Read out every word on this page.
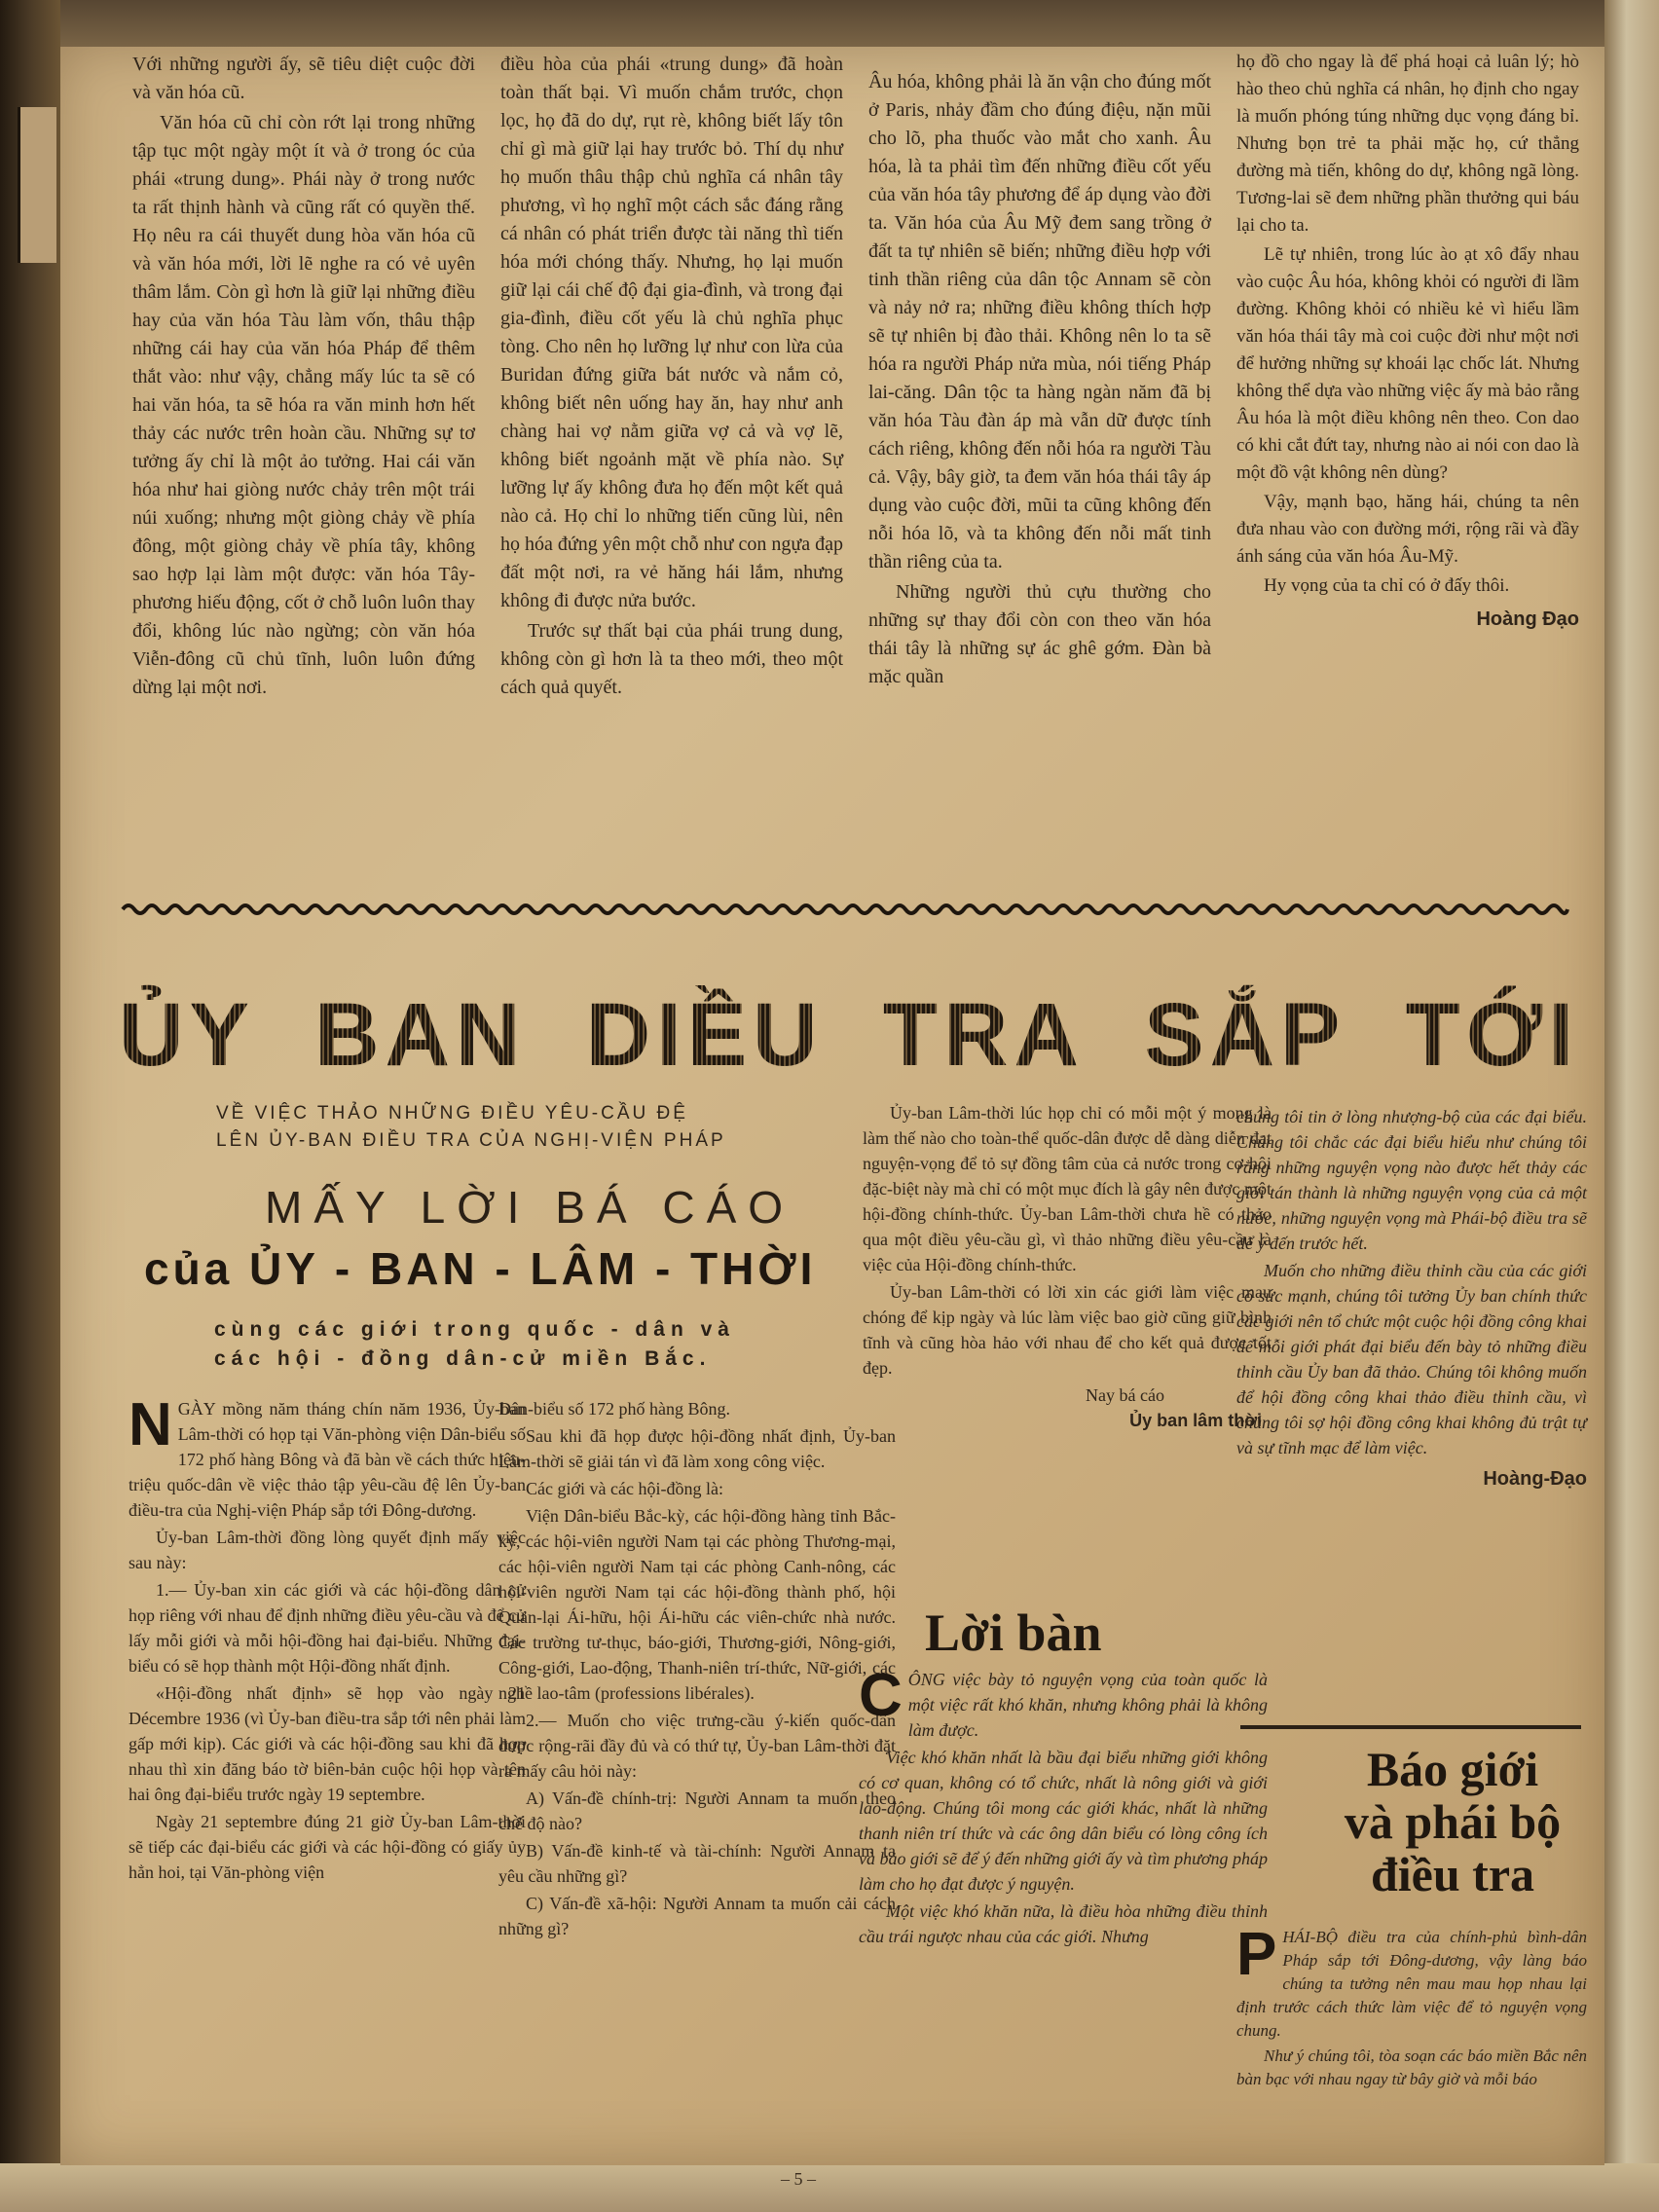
Với những người ấy, sẽ tiêu diệt cuộc đời và văn hóa cũ.

Văn hóa cũ chỉ còn rớt lại trong những tập tục một ngày một ít và ở trong óc của phái «trung dung». Phái này ở trong nước ta rất thịnh hành và cũng rất có quyền thế. Họ nêu ra cái thuyết dung hòa văn hóa cũ và văn hóa mới, lời lẽ nghe ra có vẻ uyên thâm lắm. Còn gì hơn là giữ lại những điều hay của văn hóa Tàu làm vốn, thâu thập những cái hay của văn hóa Pháp để thêm thắt vào: như vậy, chẳng mấy lúc ta sẽ có hai văn hóa, ta sẽ hóa ra văn minh hơn hết thảy các nước trên hoàn cầu. Những sự tơ tưởng ấy chỉ là một ảo tưởng. Hai cái văn hóa như hai giòng nước chảy trên một trái núi xuống; nhưng một giòng chảy về phía đông, một giòng chảy về phía tây, không sao hợp lại làm một được: văn hóa Tây-phương hiếu động, cốt ở chỗ luôn luôn thay đổi, không lúc nào ngừng; còn văn hóa Viễn-đông cũ chủ tĩnh, luôn luôn đứng dừng lại một nơi.

điều hòa của phái «trung dung» đã hoàn toàn thất bại. Vì muốn chắm trước, chọn lọc, họ đã do dự, rụt rè, không biết lấy tôn chỉ gì mà giữ lại hay trước bỏ. Thí dụ như họ muốn thâu thập chủ nghĩa cá nhân tây phương, vì họ nghĩ một cách sắc đáng rằng cá nhân có phát triển được tài năng thì tiến hóa mới chóng thấy. Nhưng, họ lại muốn giữ lại cái chế độ đại gia-đình, và trong đại gia-đình, điều cốt yếu là chủ nghĩa phục tòng. Cho nên họ lưỡng lự như con lừa của Buridan đứng giữa bát nước và nắm cỏ, không biết nên uống hay ăn, hay như anh chàng hai vợ nằm giữa vợ cả và vợ lẽ, không biết ngoảnh mặt về phía nào. Sự lưỡng lự ấy không đưa họ đến một kết quả nào cả. Họ chỉ lo những tiến cũng lùi, nên họ hóa đứng yên một chỗ như con ngựa đạp đất một nơi, ra vẻ hăng hái lắm, nhưng không đi được nửa bước.

Trước sự thất bại của phái trung dung, không còn gì hơn là ta theo mới, theo một cách quả quyết.

Âu hóa, không phải là ăn vận cho đúng mốt ở Paris, nhảy đầm cho đúng điệu, nặn mũi cho lõ, pha thuốc vào mắt cho xanh. Âu hóa, là ta phải tìm đến những điều cốt yếu của văn hóa tây phương để áp dụng vào đời ta. Văn hóa của Âu Mỹ đem sang trồng ở đất ta tự nhiên sẽ biến; những điều hợp với tinh thần riêng của dân tộc Annam sẽ còn và nảy nở ra; những điều không thích hợp sẽ tự nhiên bị đào thải. Không nên lo ta sẽ hóa ra người Pháp nửa mùa, nói tiếng Pháp lai-căng. Dân tộc ta hàng ngàn năm đã bị văn hóa Tàu đàn áp mà vẫn dữ được tính cách riêng, không đến nỗi hóa ra người Tàu cả. Vậy, bây giờ, ta đem văn hóa thái tây áp dụng vào cuộc đời, mũi ta cũng không đến nỗi hóa lõ, và ta không đến nỗi mất tinh thần riêng của ta.

Những người thủ cựu thường cho những sự thay đổi còn con theo văn hóa thái tây là những sự ác ghê gớm. Đàn bà mặc quần

họ đồ cho ngay là để phá hoại cả luân lý; hò hào theo chủ nghĩa cá nhân, họ định cho ngay là muốn phóng túng những dục vọng đáng bỉ. Nhưng bọn trẻ ta phải mặc họ, cứ thẳng đường mà tiến, không do dự, không ngã lòng. Tương-lai sẽ đem những phần thưởng qui báu lại cho ta.

Lẽ tự nhiên, trong lúc ào ạt xô đẩy nhau vào cuộc Âu hóa, không khỏi có người đi lầm đường. Không khỏi có nhiều kẻ vì hiểu lầm văn hóa thái tây mà coi cuộc đời như một nơi để hưởng những sự khoái lạc chốc lát. Nhưng không thể dựa vào những việc ấy mà bảo rằng Âu hóa là một điều không nên theo. Con dao có khi cắt đứt tay, nhưng nào ai nói con dao là một đồ vật không nên dùng?

Vậy, mạnh bạo, hăng hái, chúng ta nên đưa nhau vào con đường mới, rộng rãi và đầy ánh sáng của văn hóa Âu-Mỹ.

Hy vọng của ta chỉ có ở đấy thôi.

Hoàng Đạo
ỦY BAN DIỀU TRA SẮP TỚI
VỀ VIỆC THẢO NHỮNG ĐIỀU YÊU-CẦU ĐỆ
LÊN ỦY-BAN ĐIỀU TRA CỦA NGHỊ-VIỆN PHÁP
MẤY LỜI BÁ CÁO
của ỦY - BAN - LÂM - THỜI
cùng các giới trong quốc - dân và
các hội - đồng dân-cử miền Bắc.

NGÀY mồng năm tháng chín năm 1936, Ủy-ban Lâm-thời có họp tại Văn-phòng viện Dân-biểu số 172 phố hàng Bông và đã bàn về cách thức hiệu-triệu quốc-dân về việc thảo tập yêu-cầu đệ lên Ủy-ban điều-tra của Nghị-viện Pháp sắp tới Đông-dương.

Ủy-ban Lâm-thời đồng lòng quyết định mấy việc sau này:

1.— Ủy-ban xin các giới và các hội-đồng dân cử họp riêng với nhau để định những điều yêu-cầu và để cử lấy mỗi giới và mỗi hội-đồng hai đại-biểu. Những đại-biểu có sẽ họp thành một Hội-đồng nhất định.

«Hội-đồng nhất định» sẽ họp vào ngày 21 Décembre 1936 (vì Ủy-ban điều-tra sắp tới nên phải làm gấp mới kịp). Các giới và các hội-đồng sau khi đã họp nhau thì xin đăng báo tờ biên-bản cuộc hội họp và tên hai ông đại-biểu trước ngày 19 septembre.

Ngày 21 septembre đúng 21 giờ Ủy-ban Lâm-thời sẽ tiếp các đại-biểu các giới và các hội-đồng có giấy ủy hẳn hoi, tại Văn-phòng viện

Dân-biểu số 172 phố hàng Bông.

Sau khi đã họp được hội-đồng nhất định, Ủy-ban Lâm-thời sẽ giải tán vì đã làm xong công việc.

Các giới và các hội-đồng là:

Viện Dân-biểu Bắc-kỳ, các hội-đồng hàng tỉnh Bắc-kỳ, các hội-viên người Nam tại các phòng Thương-mại, các hội-viên người Nam tại các phòng Canh-nông, các hội-viên người Nam tại các hội-đồng thành phố, hội Quan-lại Ái-hữu, hội Ái-hữu các viên-chức nhà nước. Các trường tư-thục, báo-giới, Thương-giới, Nông-giới, Công-giới, Lao-động, Thanh-niên trí-thức, Nữ-giới, các nghề lao-tâm (professions libérales).

2.— Muốn cho việc trưng-cầu ý-kiến quốc-dân được rộng-rãi đầy đủ và có thứ tự, Ủy-ban Lâm-thời đặt ra mấy câu hỏi này:

A) Vấn-đề chính-trị: Người Annam ta muốn theo chế độ nào?

B) Vấn-đề kinh-tế và tài-chính: Người Annam ta yêu cầu những gì?

C) Vấn-đề xã-hội: Người Annam ta muốn cải cách những gì?

Ủy-ban Lâm-thời lúc họp chỉ có mỗi một ý mong là làm thế nào cho toàn-thể quốc-dân được dễ dàng diễn đạt nguyện-vọng để tỏ sự đồng tâm của cả nước trong cơ-hội đặc-biệt này mà chỉ có một mục đích là gây nên được một hội-đồng chính-thức. Ủy-ban Lâm-thời chưa hề có thảo qua một điều yêu-cầu gì, vì thảo những điều yêu-cầu là việc của Hội-đồng chính-thức.

Ủy-ban Lâm-thời có lời xin các giới làm việc mau chóng để kịp ngày và lúc làm việc bao giờ cũng giữ bình tĩnh và cũng hòa hảo với nhau để cho kết quả được tốt đẹp.

Nay bá cáo
Ủy ban lâm thời
Lời bàn

CÔNG việc bày tỏ nguyện vọng của toàn quốc là một việc rất khó khăn, nhưng không phải là không làm được.

Việc khó khăn nhất là bầu đại biểu những giới không có cơ quan, không có tổ chức, nhất là nông giới và giới lao-động. Chúng tôi mong các giới khác, nhất là những thanh niên trí thức và các ông dân biểu có lòng công ích và bảo giới sẽ để ý đến những giới ấy và tìm phương pháp làm cho họ đạt được ý nguyện.

Một việc khó khăn nữa, là điều hòa những điều thỉnh cầu trái ngược nhau của các giới. Nhưng

chúng tôi tin ở lòng nhượng-bộ của các đại biểu. Chúng tôi chắc các đại biểu hiểu như chúng tôi rằng những nguyện vọng nào được hết thảy các giới tán thành là những nguyện vọng của cả một nước, những nguyện vọng mà Phái-bộ điều tra sẽ để ý đến trước hết.

Muốn cho những điều thỉnh cầu của các giới có sức mạnh, chúng tôi tưởng Ủy ban chính thức các giới nên tổ chức một cuộc hội đồng công khai để mỗi giới phát đại biểu đến bày tỏ những điều thỉnh cầu Ủy ban đã thảo. Chúng tôi không muốn để hội đồng công khai thảo điều thỉnh cầu, vì chúng tôi sợ hội đồng công khai không đủ trật tự và sự tĩnh mạc để làm việc.

Hoàng-Đạo
Báo giới
và phái bộ
điều tra

PHÁI-BỘ điều tra của chính-phủ bình-dân Pháp sắp tới Đông-dương, vậy làng báo chúng ta tưởng nên mau mau họp nhau lại định trước cách thức làm việc để tỏ nguyện vọng chung.

Như ý chúng tôi, tòa soạn các báo miền Bắc nên bàn bạc với nhau ngay từ bây giờ và mỗi báo

– 5 –
